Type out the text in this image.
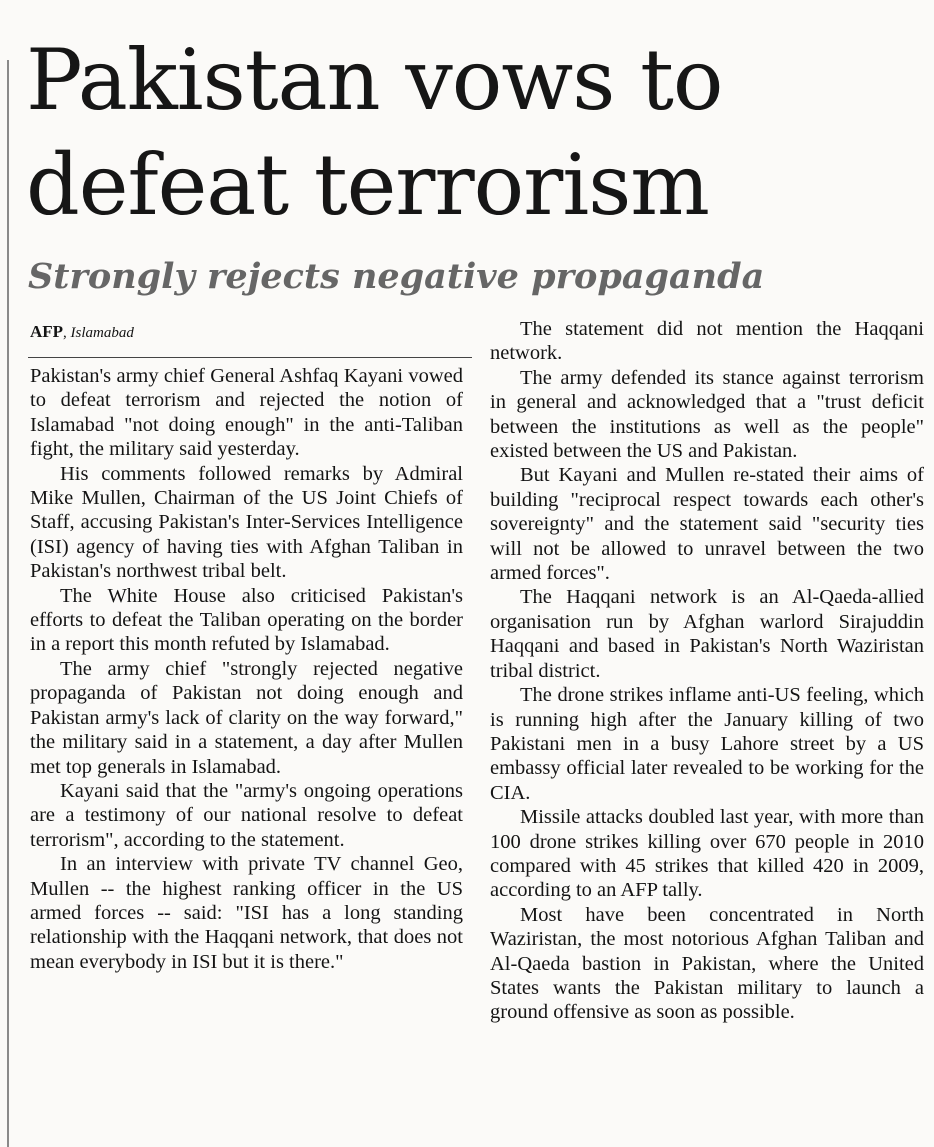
Pakistan vows to defeat terrorism
Strongly rejects negative propaganda
AFP, Islamabad

Pakistan's army chief General Ashfaq Kayani vowed to defeat terrorism and rejected the notion of Islamabad "not doing enough" in the anti-Taliban fight, the military said yesterday.

His comments followed remarks by Admiral Mike Mullen, Chairman of the US Joint Chiefs of Staff, accusing Pakistan's Inter-Services Intelligence (ISI) agency of having ties with Afghan Taliban in Pakistan's northwest tribal belt.

The White House also criticised Pakistan's efforts to defeat the Taliban operating on the border in a report this month refuted by Islamabad.

The army chief "strongly rejected negative propaganda of Pakistan not doing enough and Pakistan army's lack of clarity on the way forward," the military said in a statement, a day after Mullen met top generals in Islamabad.

Kayani said that the "army's ongoing operations are a testimony of our national resolve to defeat terrorism", according to the statement.

In an interview with private TV channel Geo, Mullen -- the highest ranking officer in the US armed forces -- said: "ISI has a long standing relationship with the Haqqani network, that does not mean everybody in ISI but it is there."

The statement did not mention the Haqqani network.

The army defended its stance against terrorism in general and acknowledged that a "trust deficit between the institutions as well as the people" existed between the US and Pakistan.

But Kayani and Mullen re-stated their aims of building "reciprocal respect towards each other's sovereignty" and the statement said "security ties will not be allowed to unravel between the two armed forces".

The Haqqani network is an Al-Qaeda-allied organisation run by Afghan warlord Sirajuddin Haqqani and based in Pakistan's North Waziristan tribal district.

The drone strikes inflame anti-US feeling, which is running high after the January killing of two Pakistani men in a busy Lahore street by a US embassy official later revealed to be working for the CIA.

Missile attacks doubled last year, with more than 100 drone strikes killing over 670 people in 2010 compared with 45 strikes that killed 420 in 2009, according to an AFP tally.

Most have been concentrated in North Waziristan, the most notorious Afghan Taliban and Al-Qaeda bastion in Pakistan, where the United States wants the Pakistan military to launch a ground offensive as soon as possible.
